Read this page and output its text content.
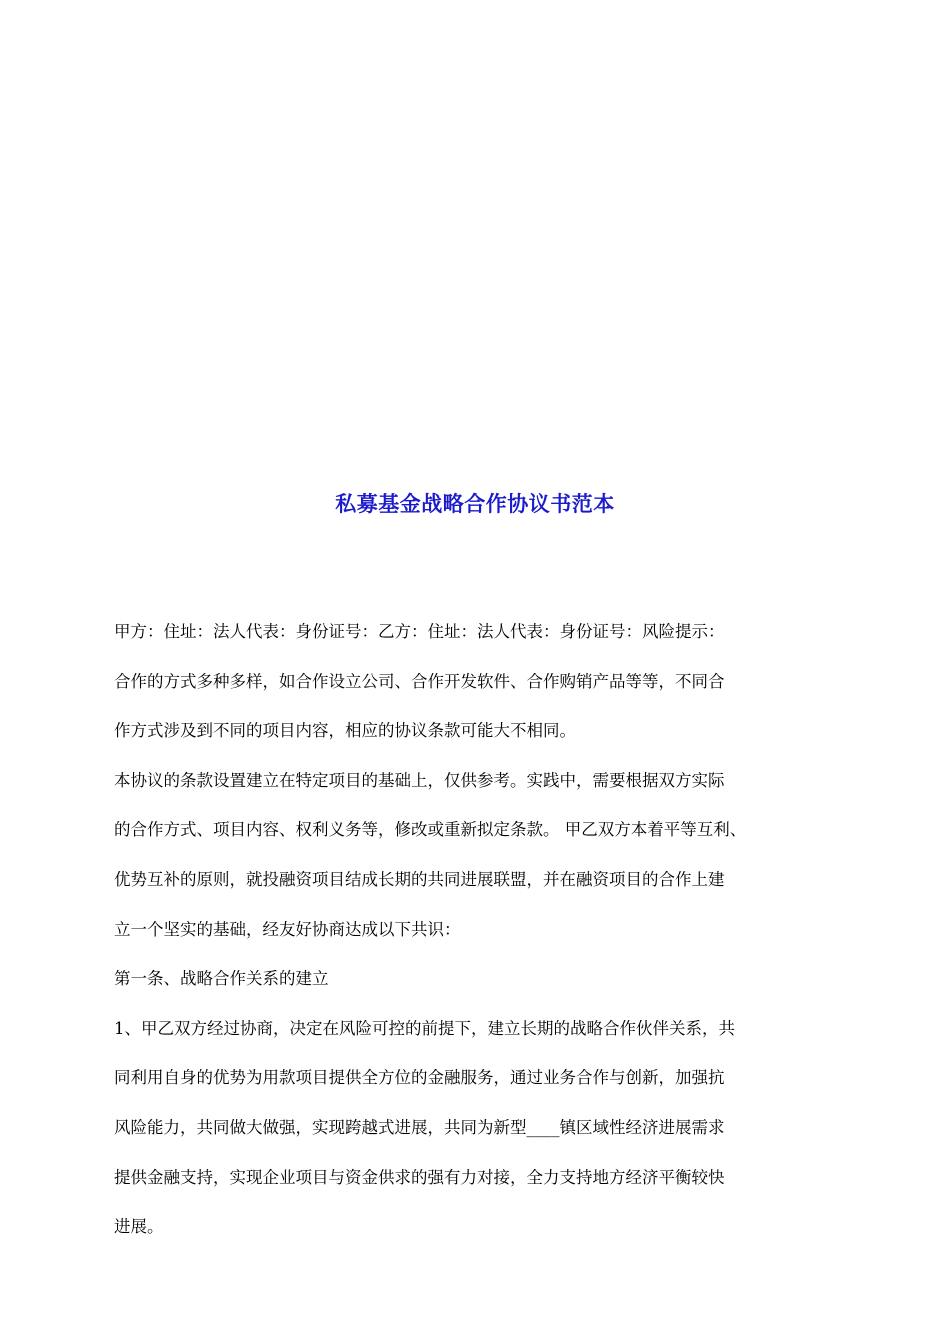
私募基金战略合作协议书范本

甲方：住址：法人代表：身份证号：乙方：住址：法人代表：身份证号：风险提示：

合作的方式多种多样，如合作设立公司、合作开发软件、合作购销产品等等，不同合

作方式涉及到不同的项目内容，相应的协议条款可能大不相同。

本协议的条款设置建立在特定项目的基础上，仅供参考。实践中，需要根据双方实际

的合作方式、项目内容、权利义务等，修改或重新拟定条款。 甲乙双方本着平等互利、

优势互补的原则，就投融资项目结成长期的共同进展联盟，并在融资项目的合作上建

立一个坚实的基础，经友好协商达成以下共识：

第一条、战略合作关系的建立

1、甲乙双方经过协商，决定在风险可控的前提下，建立长期的战略合作伙伴关系，共

同利用自身的优势为用款项目提供全方位的金融服务，通过业务合作与创新，加强抗

风险能力，共同做大做强，实现跨越式进展，共同为新型____镇区域性经济进展需求

提供金融支持，实现企业项目与资金供求的强有力对接，全力支持地方经济平衡较快

进展。
